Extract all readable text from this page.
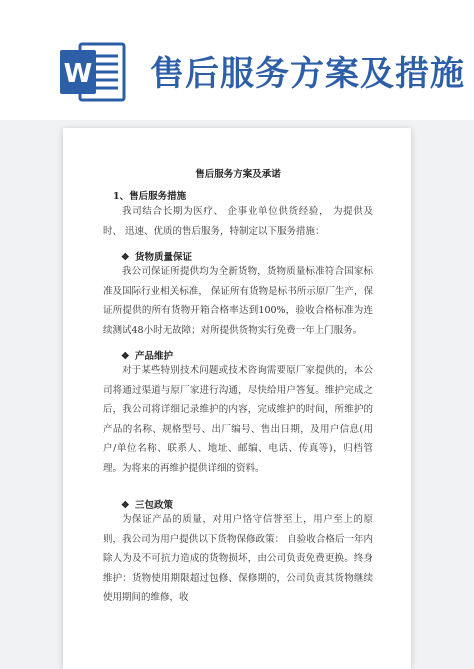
W 售后服务方案及措施
售后服务方案及承诺
1、售后服务措施
我司结合长期为医疗、 企事业单位供货经验， 为提供及时、 迅速、优质的售后服务，特制定以下服务措施：
❖ 货物质量保证
我公司保证所提供均为全新货物，货物质量标准符合国家标准及国际行业相关标准， 保证所有货物是标书所示原厂生产，保证所提供的所有货物开箱合格率达到100%，验收合格标准为连续测试48小时无故障；对所提供货物实行免费一年上门服务。
❖ 产品维护
对于某些特别技术问题或技术咨询需要原厂家提供的，本公司将通过渠道与原厂家进行沟通，尽快给用户答复。维护完成之后，我公司将详细记录维护的内容，完成维护的时间，所维护的产品的名称、规格型号、出厂编号、售出日期，及用户信息(用户/单位名称、联系人、地址、邮编、电话、传真等)，归档管理。为将来的再维护提供详细的资料。
❖ 三包政策
为保证产品的质量，对用户恪守信誉至上，用户至上的原则，我公司为用户提供以下货物保修政策： 自验收合格后一年内除人为及不可抗力造成的货物损坏，由公司负责免费更换。终身维护：货物使用期限超过包修、保修期的，公司负责其货物继续使用期间的维修，收
